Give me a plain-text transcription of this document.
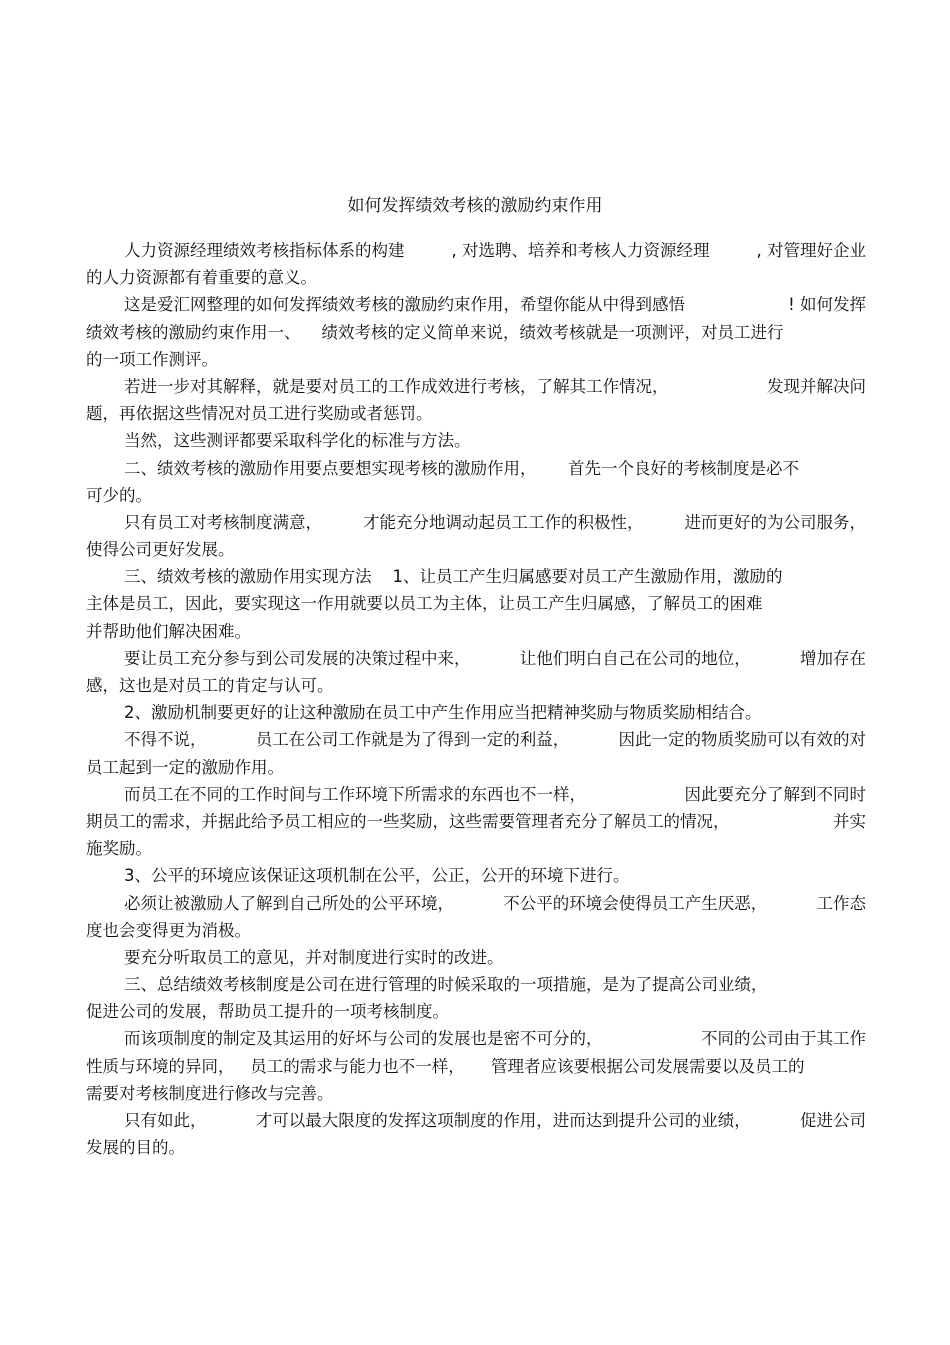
如何发挥绩效考核的激励约束作用
人力资源经理绩效考核指标体系的构建	, 对选聘、培养和考核人力资源经理	, 对管理好企业
的人力资源都有着重要的意义。
这是爱汇网整理的如何发挥绩效考核的激励约束作用，希望你能从中得到感悟	! 如何发挥
绩效考核的激励约束作用一、    绩效考核的定义简单来说，绩效考核就是一项测评，对员工进行
的一项工作测评。
若进一步对其解释，就是要对员工的工作成效进行考核，了解其工作情况，	发现并解决问
题，再依据这些情况对员工进行奖励或者惩罚。
当然，这些测评都要采取科学化的标准与方法。
二、绩效考核的激励作用要点要想实现考核的激励作用，      首先一个良好的考核制度是必不
可少的。
只有员工对考核制度满意， 才能充分地调动起员工工作的积极性， 进而更好的为公司服务，
使得公司更好发展。
三、绩效考核的激励作用实现方法    1、让员工产生归属感要对员工产生激励作用，激励的
主体是员工，因此，要实现这一作用就要以员工为主体，让员工产生归属感，了解员工的困难
并帮助他们解决困难。
要让员工充分参与到公司发展的决策过程中来，	让他们明白自己在公司的地位，	增加存在
感，这也是对员工的肯定与认可。
2、激励机制要更好的让这种激励在员工中产生作用应当把精神奖励与物质奖励相结合。
不得不说，	员工在公司工作就是为了得到一定的利益，	因此一定的物质奖励可以有效的对
员工起到一定的激励作用。
而员工在不同的工作时间与工作环境下所需求的东西也不一样，	因此要充分了解到不同时
期员工的需求，并据此给予员工相应的一些奖励，这些需要管理者充分了解员工的情况，	并实
施奖励。
3、公平的环境应该保证这项机制在公平，公正，公开的环境下进行。
必须让被激励人了解到自己所处的公平环境，	不公平的环境会使得员工产生厌恶，	工作态
度也会变得更为消极。
要充分听取员工的意见，并对制度进行实时的改进。
三、总结绩效考核制度是公司在进行管理的时候采取的一项措施，是为了提高公司业绩，
促进公司的发展，帮助员工提升的一项考核制度。
而该项制度的制定及其运用的好坏与公司的发展也是密不可分的，	不同的公司由于其工作
性质与环境的异同，   员工的需求与能力也不一样，     管理者应该要根据公司发展需要以及员工的
需要对考核制度进行修改与完善。
只有如此，	才可以最大限度的发挥这项制度的作用，进而达到提升公司的业绩，	促进公司
发展的目的。
